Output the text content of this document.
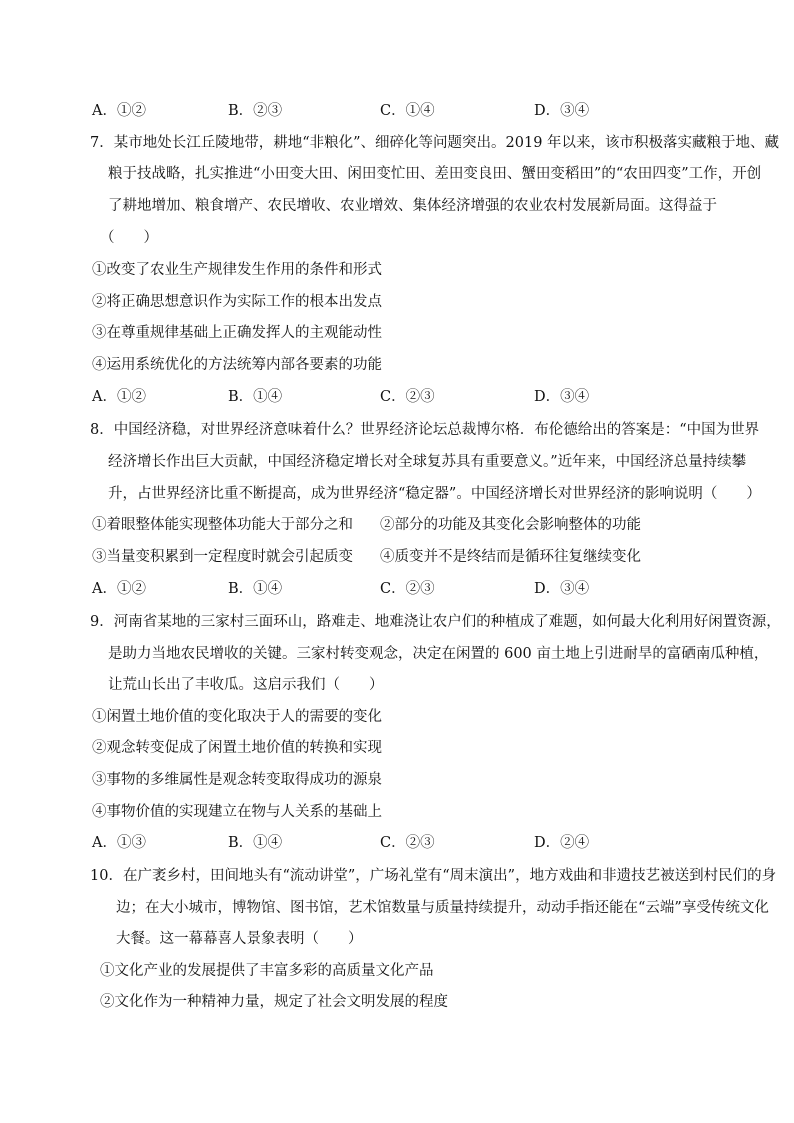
A．①②	B．②③	C．①④	D．③④
7．某市地处长江丘陵地带，耕地“非粮化”、细碎化等问题突出。2019 年以来，该市积极落实藏粮于地、藏
粮于技战略，扎实推进“小田变大田、闲田变忙田、差田变良田、蟹田变稻田”的“农田四变”工作，开创
了耕地增加、粮食增产、农民增收、农业增效、集体经济增强的农业农村发展新局面。这得益于
（　　）
①改变了农业生产规律发生作用的条件和形式
②将正确思想意识作为实际工作的根本出发点
③在尊重规律基础上正确发挥人的主观能动性
④运用系统优化的方法统筹内部各要素的功能
A．①②	B．①④	C．②③	D．③④
8．中国经济稳，对世界经济意味着什么？世界经济论坛总裁博尔格．布伦德给出的答案是：“中国为世界
经济增长作出巨大贡献，中国经济稳定增长对全球复苏具有重要意义。”近年来，中国经济总量持续攀
升，占世界经济比重不断提高，成为世界经济“稳定器”。中国经济增长对世界经济的影响说明（　　）
①着眼整体能实现整体功能大于部分之和 ②部分的功能及其变化会影响整体的功能
③当量变积累到一定程度时就会引起质变 ④质变并不是终结而是循环往复继续变化
A．①②	B．①④	C．②③	D．③④
9．河南省某地的三家村三面环山，路难走、地难浇让农户们的种植成了难题，如何最大化利用好闲置资源，
是助力当地农民增收的关键。三家村转变观念，决定在闲置的 600 亩土地上引进耐旱的富硒南瓜种植，
让荒山长出了丰收瓜。这启示我们（　　）
①闲置土地价值的变化取决于人的需要的变化
②观念转变促成了闲置土地价值的转换和实现
③事物的多维属性是观念转变取得成功的源泉
④事物价值的实现建立在物与人关系的基础上
A．①③	B．①④	C．②③	D．②④
10．在广袤乡村，田间地头有“流动讲堂”，广场礼堂有“周末演出”，地方戏曲和非遗技艺被送到村民们的身
边；在大小城市，博物馆、图书馆，艺术馆数量与质量持续提升，动动手指还能在“云端”享受传统文化
大餐。这一幕幕喜人景象表明（　　）
①文化产业的发展提供了丰富多彩的高质量文化产品
②文化作为一种精神力量，规定了社会文明发展的程度
